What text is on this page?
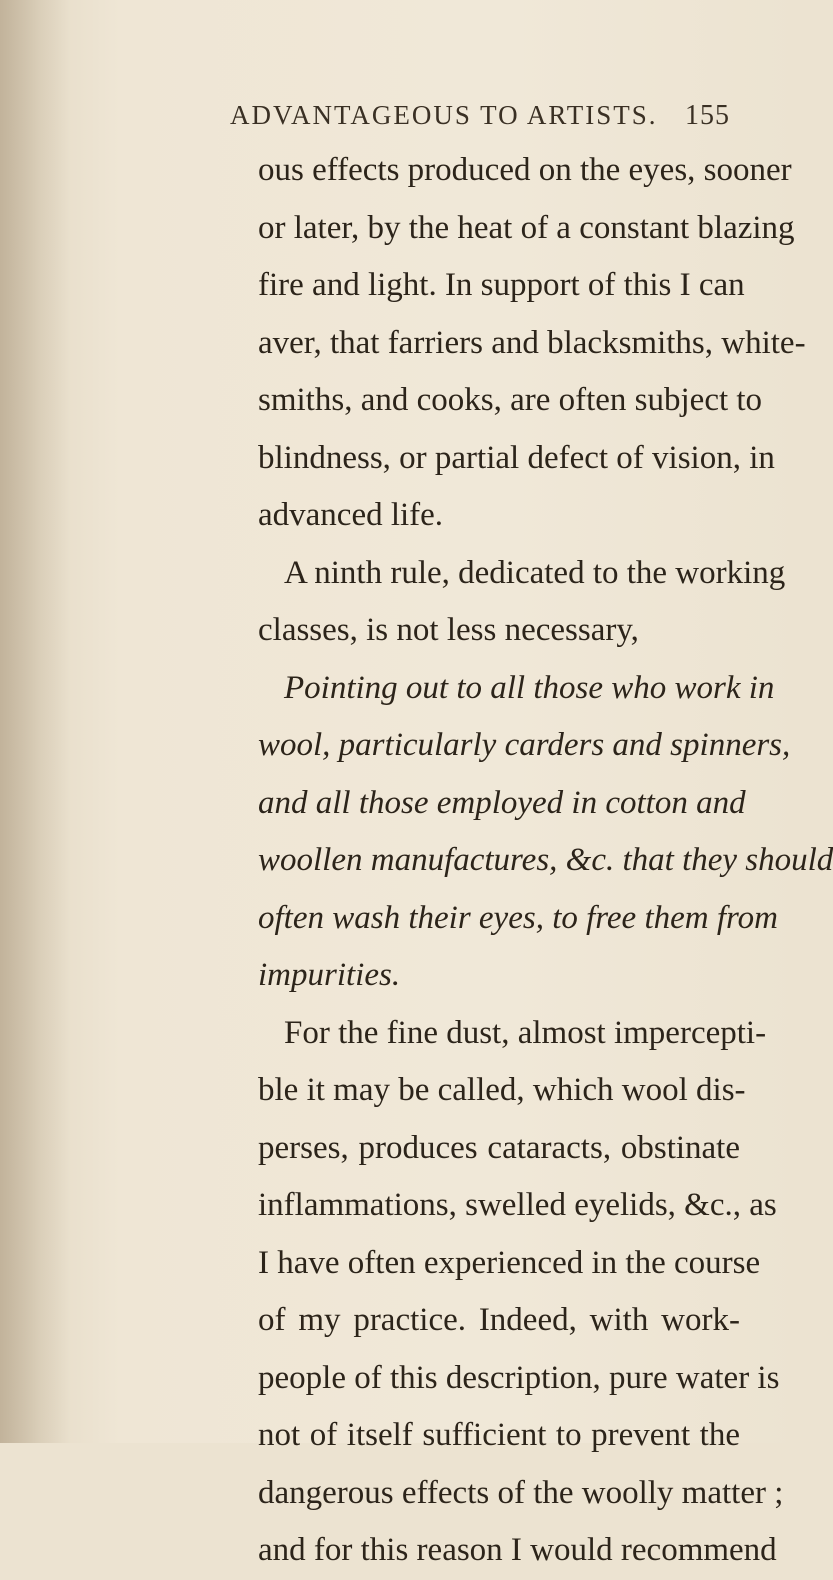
ADVANTAGEOUS TO ARTISTS. 155
ous effects produced on the eyes, sooner
or later, by the heat of a constant blazing
fire and light. In support of this I can
aver, that farriers and blacksmiths, white-
smiths, and cooks, are often subject to
blindness, or partial defect of vision, in
advanced life.
A ninth rule, dedicated to the working
classes, is not less necessary,
Pointing out to all those who work in
wool, particularly carders and spinners,
and all those employed in cotton and
woollen manufactures, &c. that they should
often wash their eyes, to free them from
impurities.
For the fine dust, almost impercepti-
ble it may be called, which wool dis-
perses, produces cataracts, obstinate
inflammations, swelled eyelids, &c., as
I have often experienced in the course
of my practice. Indeed, with work-
people of this description, pure water is
not of itself sufficient to prevent the
dangerous effects of the woolly matter ;
and for this reason I would recommend
